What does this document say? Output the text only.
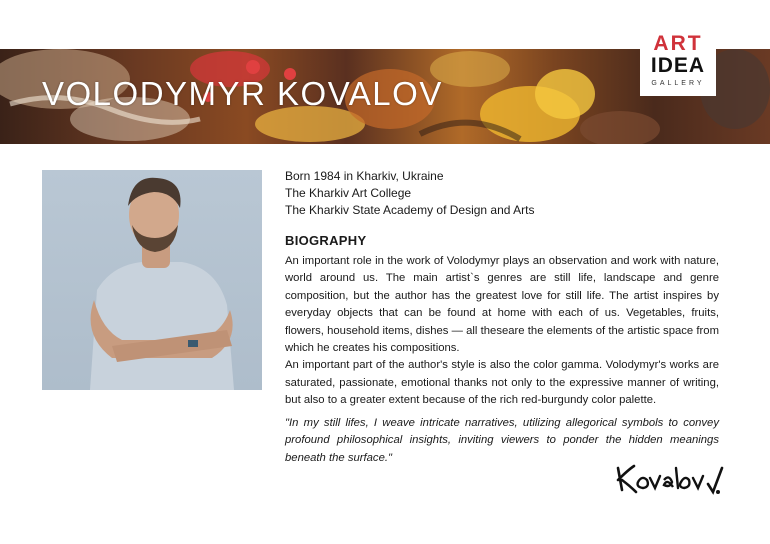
VOLODYMYR KOVALOV
ART
IDEA
GALLERY
Born 1984 in Kharkiv, Ukraine
The Kharkiv Art College
The Kharkiv State Academy of Design and Arts
BIOGRAPHY

An important role in the work of Volodymyr plays an observation and work with nature, world around us. The main artist`s genres are still life, landscape and genre composition, but the author has the greatest love for still life. The artist inspires by everyday objects that can be found at home with each of us. Vegetables, fruits, flowers, household items, dishes — all theseare the elements of the artistic space from which he creates his compositions.

An important part of the author's style is also the color gamma. Volodymyr's works are saturated, passionate, emotional thanks not only to the expressive manner of writing, but also to a greater extent because of the rich red-burgundy color palette.

"In my still lifes, I weave intricate narratives, utilizing allegorical symbols to convey profound philosophical insights, inviting viewers to ponder the hidden meanings beneath the surface."
